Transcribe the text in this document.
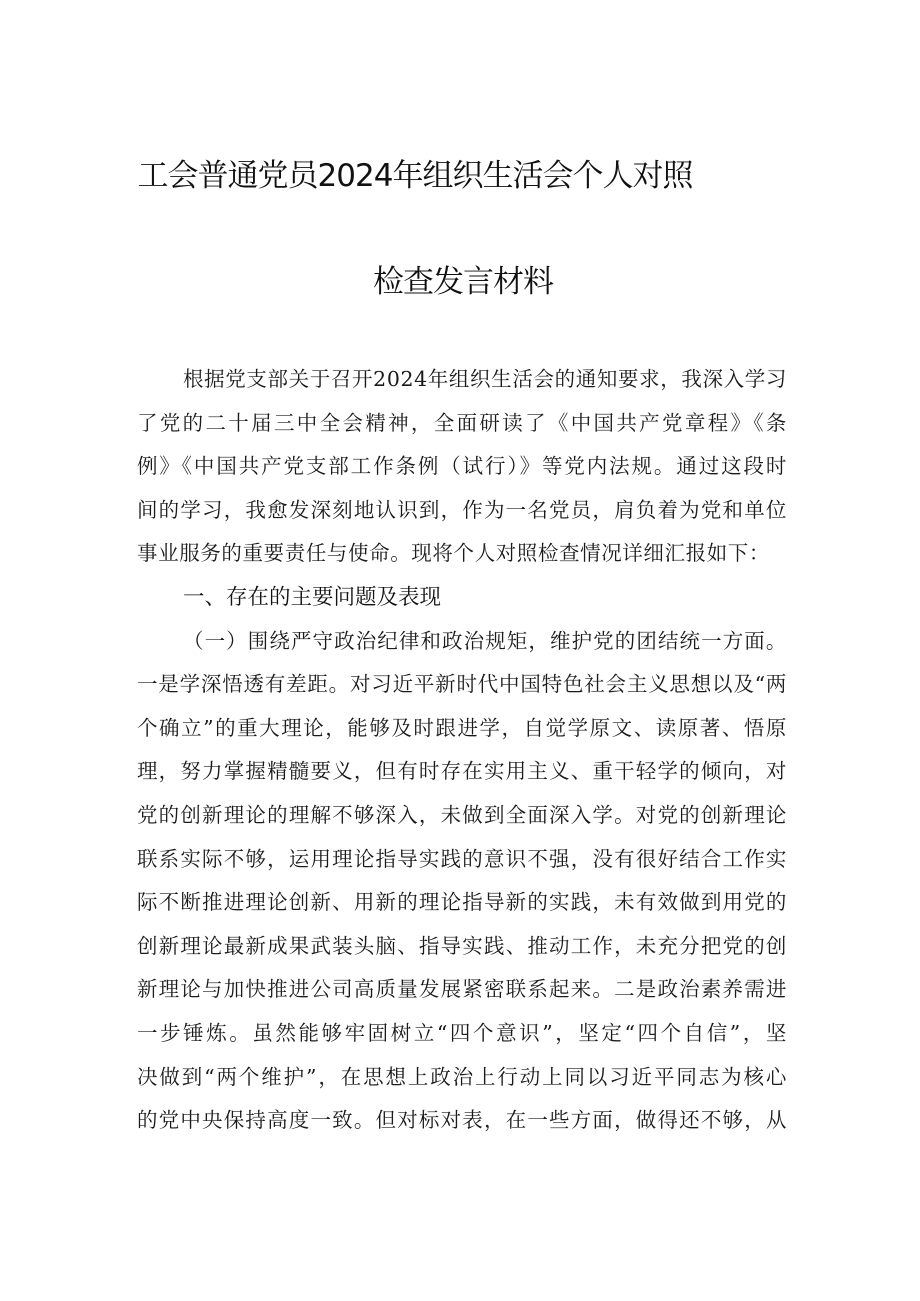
工会普通党员2024年组织生活会个人对照
检查发言材料
根据党支部关于召开2024年组织生活会的通知要求，我深入学习
了党的二十届三中全会精神，全面研读了《中国共产党章程》《条
例》《中国共产党支部工作条例（试行）》等党内法规。通过这段时
间的学习，我愈发深刻地认识到，作为一名党员，肩负着为党和单位
事业服务的重要责任与使命。现将个人对照检查情况详细汇报如下：
一、存在的主要问题及表现
（一）围绕严守政治纪律和政治规矩，维护党的团结统一方面。
一是学深悟透有差距。对习近平新时代中国特色社会主义思想以及“两
个确立”的重大理论，能够及时跟进学，自觉学原文、读原著、悟原
理，努力掌握精髓要义，但有时存在实用主义、重干轻学的倾向，对
党的创新理论的理解不够深入，未做到全面深入学。对党的创新理论
联系实际不够，运用理论指导实践的意识不强，没有很好结合工作实
际不断推进理论创新、用新的理论指导新的实践，未有效做到用党的
创新理论最新成果武装头脑、指导实践、推动工作，未充分把党的创
新理论与加快推进公司高质量发展紧密联系起来。二是政治素养需进
一步锤炼。虽然能够牢固树立“四个意识”，坚定“四个自信”，坚
决做到“两个维护”，在思想上政治上行动上同以习近平同志为核心
的党中央保持高度一致。但对标对表，在一些方面，做得还不够，从
